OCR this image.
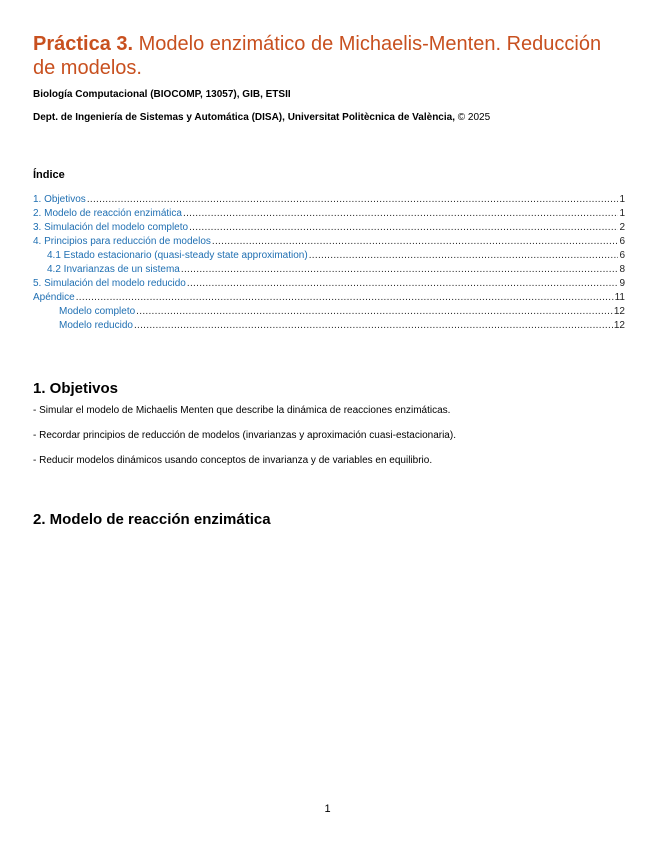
Práctica 3. Modelo enzimático de Michaelis-Menten. Reducción de modelos.
Biología Computacional (BIOCOMP, 13057), GIB, ETSII
Dept. de Ingeniería de Sistemas y Automática (DISA), Universitat Politècnica de València, © 2025
Índice
1. Objetivos .....	1
2. Modelo de reacción enzimática .....	1
3. Simulación del modelo completo .....	2
4. Principios para reducción de modelos .....	6
4.1 Estado estacionario (quasi-steady state approximation) .....	6
4.2 Invarianzas de un sistema .....	8
5. Simulación del modelo reducido .....	9
Apéndice .....	11
Modelo completo .....	12
Modelo reducido .....	12
1. Objetivos

- Simular el modelo de Michaelis Menten que describe la dinámica de reacciones enzimáticas.

- Recordar principios de reducción de modelos (invarianzas y aproximación cuasi-estacionaria).

- Reducir modelos dinámicos usando conceptos de invarianza y de variables en equilibrio.

2. Modelo de reacción enzimática
1
